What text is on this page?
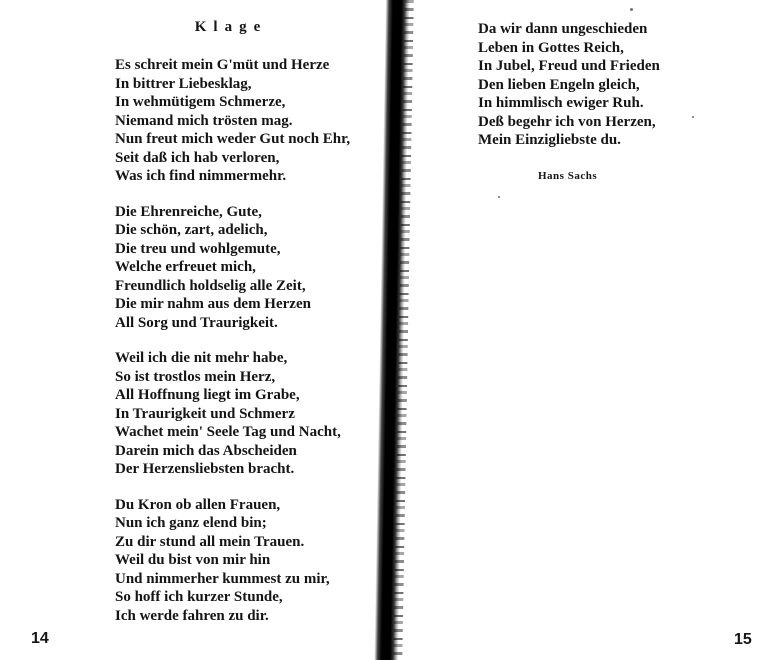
Klage
Es schreit mein G'müt und Herze
In bittrer Liebesklag,
In wehmütigem Schmerze,
Niemand mich trösten mag.
Nun freut mich weder Gut noch Ehr,
Seit daß ich hab verloren,
Was ich find nimmermehr.
Die Ehrenreiche, Gute,
Die schön, zart, adelich,
Die treu und wohlgemute,
Welche erfreuet mich,
Freundlich holdselig alle Zeit,
Die mir nahm aus dem Herzen
All Sorg und Traurigkeit.
Weil ich die nit mehr habe,
So ist trostlos mein Herz,
All Hoffnung liegt im Grabe,
In Traurigkeit und Schmerz
Wachet mein' Seele Tag und Nacht,
Darein mich das Abscheiden
Der Herzensliebsten bracht.
Du Kron ob allen Frauen,
Nun ich ganz elend bin;
Zu dir stund all mein Trauen.
Weil du bist von mir hin
Und nimmerher kummest zu mir,
So hoff ich kurzer Stunde,
Ich werde fahren zu dir.
Da wir dann ungeschieden
Leben in Gottes Reich,
In Jubel, Freud und Frieden
Den lieben Engeln gleich,
In himmlisch ewiger Ruh.
Deß begehr ich von Herzen,
Mein Einzigliebste du.
Hans Sachs
14	15
